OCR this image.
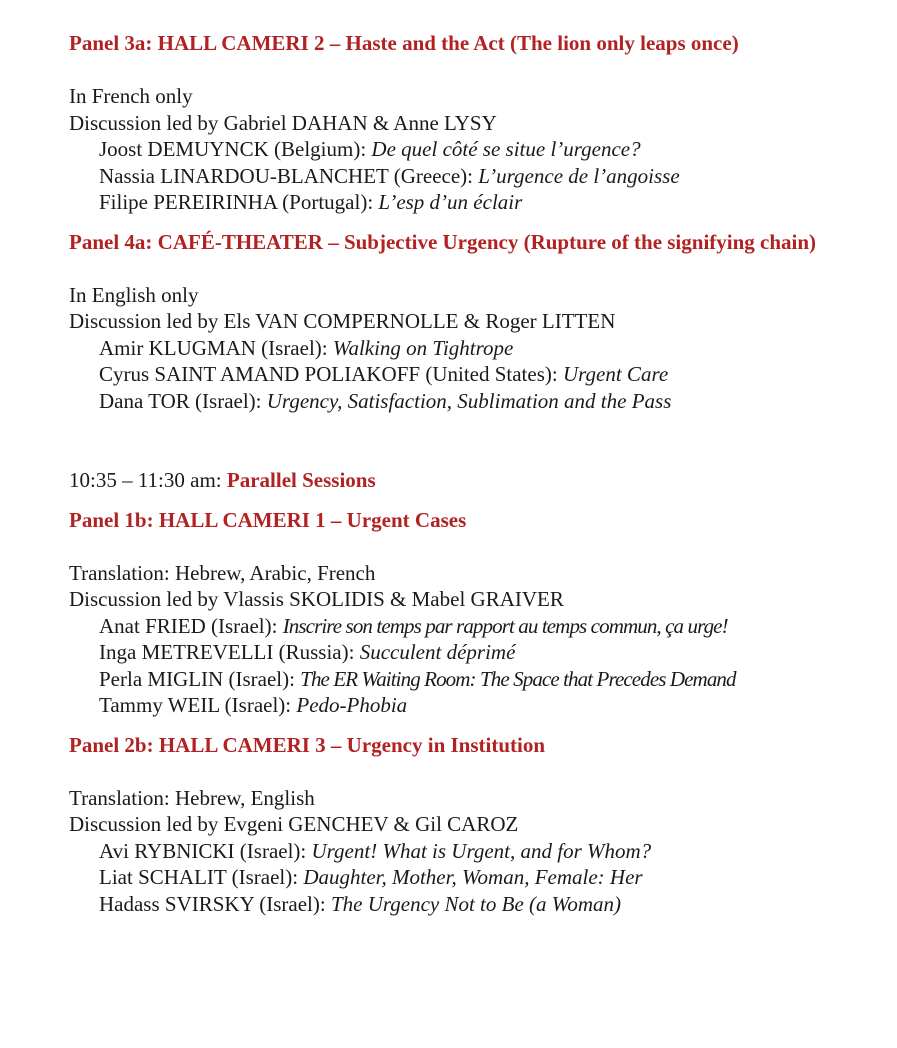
Panel 3a: HALL CAMERI 2 – Haste and the Act (The lion only leaps once)

In French only
Discussion led by Gabriel DAHAN & Anne LYSY
Joost DEMUYNCK (Belgium): De quel côté se situe l’urgence?
Nassia LINARDOU-BLANCHET (Greece): L’urgence de l’angoisse
Filipe PEREIRINHA (Portugal): L’esp d’un éclair

Panel 4a: CAFÉ-THEATER – Subjective Urgency (Rupture of the signifying chain)

In English only
Discussion led by Els VAN COMPERNOLLE & Roger LITTEN
Amir KLUGMAN (Israel): Walking on Tightrope
Cyrus SAINT AMAND POLIAKOFF (United States): Urgent Care
Dana TOR (Israel): Urgency, Satisfaction, Sublimation and the Pass
10:35 – 11:30 am: Parallel Sessions

Panel 1b: HALL CAMERI 1 – Urgent Cases

Translation: Hebrew, Arabic, French
Discussion led by Vlassis SKOLIDIS & Mabel GRAIVER
Anat FRIED (Israel): Inscrire son temps par rapport au temps commun, ça urge!
Inga METREVELLI (Russia): Succulent déprimé
Perla MIGLIN (Israel): The ER Waiting Room: The Space that Precedes Demand
Tammy WEIL (Israel): Pedo-Phobia

Panel 2b: HALL CAMERI 3 – Urgency in Institution

Translation: Hebrew, English
Discussion led by Evgeni GENCHEV & Gil CAROZ
Avi RYBNICKI (Israel): Urgent! What is Urgent, and for Whom?
Liat SCHALIT (Israel): Daughter, Mother, Woman, Female: Her
Hadass SVIRSKY (Israel): The Urgency Not to Be (a Woman)
